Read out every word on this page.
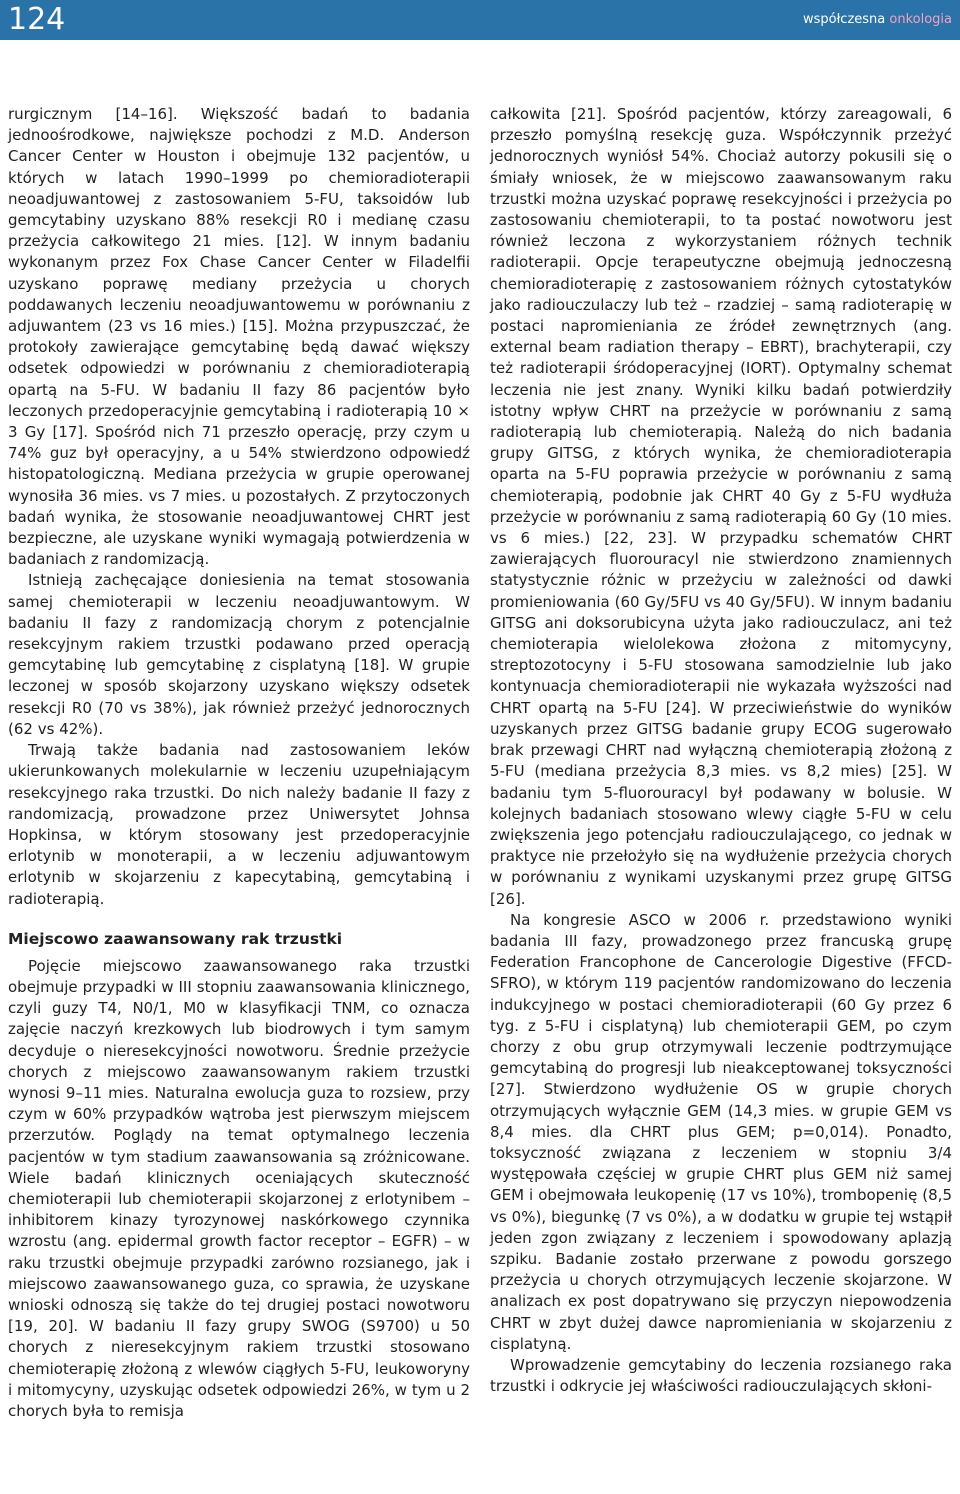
124	współczesna onkologia

rurgicznym [14–16]. Większość badań to badania jednoośrodkowe, największe pochodzi z M.D. Anderson Cancer Center w Houston i obejmuje 132 pacjentów, u których w latach 1990–1999 po chemioradioterapii neoadjuwantowej z zastosowaniem 5-FU, taksoidów lub gemcytabiny uzyskano 88% resekcji R0 i medianę czasu przeżycia całkowitego 21 mies. [12]. W innym badaniu wykonanym przez Fox Chase Cancer Center w Filadelfii uzyskano poprawę mediany przeżycia u chorych poddawanych leczeniu neoadjuwantowemu w porównaniu z adjuwantem (23 vs 16 mies.) [15]. Można przypuszczać, że protokoły zawierające gemcytabinę będą dawać większy odsetek odpowiedzi w porównaniu z chemioradioterapią opartą na 5-FU. W badaniu II fazy 86 pacjentów było leczonych przedoperacyjnie gemcytabiną i radioterapią 10 × 3 Gy [17]. Spośród nich 71 przeszło operację, przy czym u 74% guz był operacyjny, a u 54% stwierdzono odpowiedź histopatologiczną. Mediana przeżycia w grupie operowanej wynosiła 36 mies. vs 7 mies. u pozostałych. Z przytoczonych badań wynika, że stosowanie neoadjuwantowej CHRT jest bezpieczne, ale uzyskane wyniki wymagają potwierdzenia w badaniach z randomizacją.

Istnieją zachęcające doniesienia na temat stosowania samej chemioterapii w leczeniu neoadjuwantowym. W badaniu II fazy z randomizacją chorym z potencjalnie resekcyjnym rakiem trzustki podawano przed operacją gemcytabinę lub gemcytabinę z cisplatyną [18]. W grupie leczonej w sposób skojarzony uzyskano większy odsetek resekcji R0 (70 vs 38%), jak również przeżyć jednorocznych (62 vs 42%).

Trwają także badania nad zastosowaniem leków ukierunkowanych molekularnie w leczeniu uzupełniającym resekcyjnego raka trzustki. Do nich należy badanie II fazy z randomizacją, prowadzone przez Uniwersytet Johnsa Hopkinsa, w którym stosowany jest przedoperacyjnie erlotynib w monoterapii, a w leczeniu adjuwantowym erlotynib w skojarzeniu z kapecytabiną, gemcytabiną i radioterapią.

Miejscowo zaawansowany rak trzustki

Pojęcie miejscowo zaawansowanego raka trzustki obejmuje przypadki w III stopniu zaawansowania klinicznego, czyli guzy T4, N0/1, M0 w klasyfikacji TNM, co oznacza zajęcie naczyń krezkowych lub biodrowych i tym samym decyduje o nieresekcyjności nowotworu. Średnie przeżycie chorych z miejscowo zaawansowanym rakiem trzustki wynosi 9–11 mies. Naturalna ewolucja guza to rozsiew, przy czym w 60% przypadków wątroba jest pierwszym miejscem przerzutów. Poglądy na temat optymalnego leczenia pacjentów w tym stadium zaawansowania są zróżnicowane. Wiele badań klinicznych oceniających skuteczność chemioterapii lub chemioterapii skojarzonej z erlotynibem – inhibitorem kinazy tyrozynowej naskórkowego czynnika wzrostu (ang. epidermal growth factor receptor – EGFR) – w raku trzustki obejmuje przypadki zarówno rozsianego, jak i miejscowo zaawansowanego guza, co sprawia, że uzyskane wnioski odnoszą się także do tej drugiej postaci nowotworu [19, 20]. W badaniu II fazy grupy SWOG (S9700) u 50 chorych z nieresekcyjnym rakiem trzustki stosowano chemioterapię złożoną z wlewów ciągłych 5-FU, leukoworyny i mitomycyny, uzyskując odsetek odpowiedzi 26%, w tym u 2 chorych była to remisja

całkowita [21]. Spośród pacjentów, którzy zareagowali, 6 przeszło pomyślną resekcję guza. Współczynnik przeżyć jednorocznych wyniósł 54%. Chociaż autorzy pokusili się o śmiały wniosek, że w miejscowo zaawansowanym raku trzustki można uzyskać poprawę resekcyjności i przeżycia po zastosowaniu chemioterapii, to ta postać nowotworu jest również leczona z wykorzystaniem różnych technik radioterapii. Opcje terapeutyczne obejmują jednoczesną chemioradioterapię z zastosowaniem różnych cytostatyków jako radiouczulaczy lub też – rzadziej – samą radioterapię w postaci napromieniania ze źródeł zewnętrznych (ang. external beam radiation therapy – EBRT), brachyterapii, czy też radioterapii śródoperacyjnej (IORT). Optymalny schemat leczenia nie jest znany. Wyniki kilku badań potwierdziły istotny wpływ CHRT na przeżycie w porównaniu z samą radioterapią lub chemioterapią. Należą do nich badania grupy GITSG, z których wynika, że chemioradioterapia oparta na 5-FU poprawia przeżycie w porównaniu z samą chemioterapią, podobnie jak CHRT 40 Gy z 5-FU wydłuża przeżycie w porównaniu z samą radioterapią 60 Gy (10 mies. vs 6 mies.) [22, 23]. W przypadku schematów CHRT zawierających fluorouracyl nie stwierdzono znamiennych statystycznie różnic w przeżyciu w zależności od dawki promieniowania (60 Gy/5FU vs 40 Gy/5FU). W innym badaniu GITSG ani doksorubicyna użyta jako radiouczulacz, ani też chemioterapia wielolekowa złożona z mitomycyny, streptozotocyny i 5-FU stosowana samodzielnie lub jako kontynuacja chemioradioterapii nie wykazała wyższości nad CHRT opartą na 5-FU [24]. W przeciwieństwie do wyników uzyskanych przez GITSG badanie grupy ECOG sugerowało brak przewagi CHRT nad wyłączną chemioterapią złożoną z 5-FU (mediana przeżycia 8,3 mies. vs 8,2 mies) [25]. W badaniu tym 5-fluorouracyl był podawany w bolusie. W kolejnych badaniach stosowano wlewy ciągłe 5-FU w celu zwiększenia jego potencjału radiouczulającego, co jednak w praktyce nie przełożyło się na wydłużenie przeżycia chorych w porównaniu z wynikami uzyskanymi przez grupę GITSG [26].

Na kongresie ASCO w 2006 r. przedstawiono wyniki badania III fazy, prowadzonego przez francuską grupę Federation Francophone de Cancerologie Digestive (FFCD-SFRO), w którym 119 pacjentów randomizowano do leczenia indukcyjnego w postaci chemioradioterapii (60 Gy przez 6 tyg. z 5-FU i cisplatyną) lub chemioterapii GEM, po czym chorzy z obu grup otrzymywali leczenie podtrzymujące gemcytabiną do progresji lub nieakceptowanej toksyczności [27]. Stwierdzono wydłużenie OS w grupie chorych otrzymujących wyłącznie GEM (14,3 mies. w grupie GEM vs 8,4 mies. dla CHRT plus GEM; p=0,014). Ponadto, toksyczność związana z leczeniem w stopniu 3/4 występowała częściej w grupie CHRT plus GEM niż samej GEM i obejmowała leukopenię (17 vs 10%), trombopenię (8,5 vs 0%), biegunkę (7 vs 0%), a w dodatku w grupie tej wstąpił jeden zgon związany z leczeniem i spowodowany aplazją szpiku. Badanie zostało przerwane z powodu gorszego przeżycia u chorych otrzymujących leczenie skojarzone. W analizach ex post dopatrywano się przyczyn niepowodzenia CHRT w zbyt dużej dawce napromieniania w skojarzeniu z cisplatyną.

Wprowadzenie gemcytabiny do leczenia rozsianego raka trzustki i odkrycie jej właściwości radiouczulających skłoni-
